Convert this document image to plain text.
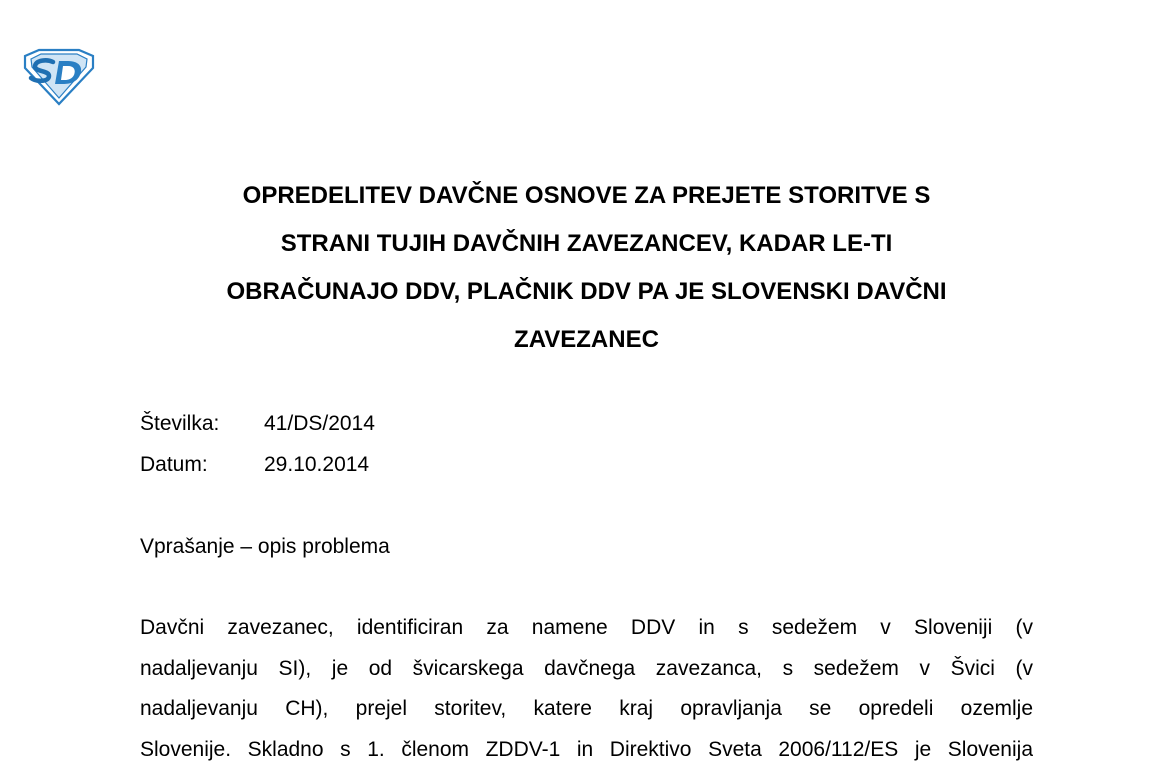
OPREDELITEV DAVČNE OSNOVE ZA PREJETE STORITVE S
STRANI TUJIH DAVČNIH ZAVEZANCEV, KADAR LE-TI
OBRAČUNAJO DDV, PLAČNIK DDV PA JE SLOVENSKI DAVČNI
ZAVEZANEC
Številka:	41/DS/2014
Datum:	29.10.2014
Vprašanje – opis problema
Davčni zavezanec, identificiran za namene DDV in s sedežem v Sloveniji (v
nadaljevanju SI), je od švicarskega davčnega zavezanca, s sedežem v Švici (v
nadaljevanju CH), prejel storitev, katere kraj opravljanja se opredeli ozemlje
Slovenije. Skladno s 1. členom ZDDV-1 in Direktivo Sveta 2006/112/ES je Slovenija
